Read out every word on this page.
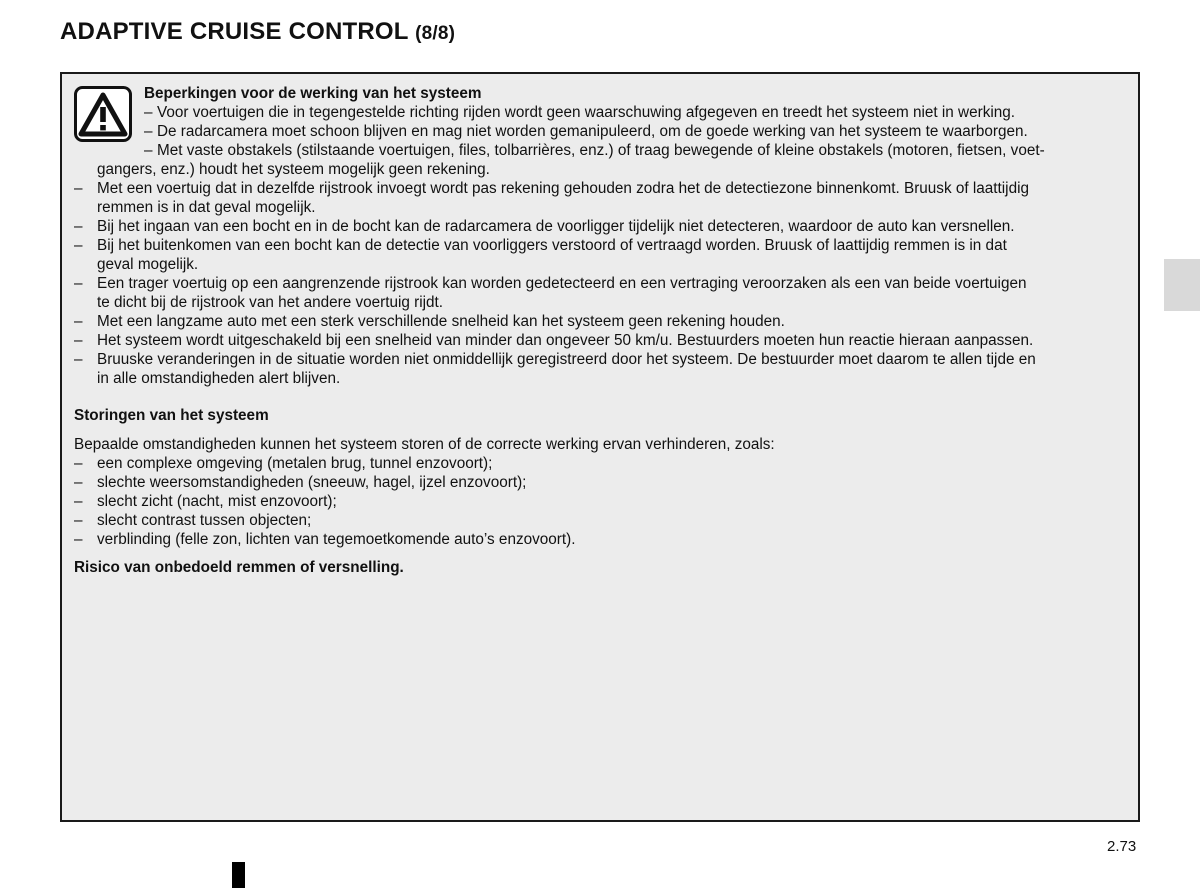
ADAPTIVE CRUISE CONTROL (8/8)
Beperkingen voor de werking van het systeem
– Voor voertuigen die in tegengestelde richting rijden wordt geen waarschuwing afgegeven en treedt het systeem niet in werking.
– De radarcamera moet schoon blijven en mag niet worden gemanipuleerd, om de goede werking van het systeem te waarborgen.
– Met vaste obstakels (stilstaande voertuigen, files, tolbarrières, enz.) of traag bewegende of kleine obstakels (motoren, fietsen, voet-
gangers, enz.) houdt het systeem mogelijk geen rekening.
– Met een voertuig dat in dezelfde rijstrook invoegt wordt pas rekening gehouden zodra het de detectiezone binnenkomt. Bruusk of laattijdig
remmen is in dat geval mogelijk.
– Bij het ingaan van een bocht en in de bocht kan de radarcamera de voorligger tijdelijk niet detecteren, waardoor de auto kan versnellen.
– Bij het buitenkomen van een bocht kan de detectie van voorliggers verstoord of vertraagd worden. Bruusk of laattijdig remmen is in dat
geval mogelijk.
– Een trager voertuig op een aangrenzende rijstrook kan worden gedetecteerd en een vertraging veroorzaken als een van beide voertuigen
te dicht bij de rijstrook van het andere voertuig rijdt.
– Met een langzame auto met een sterk verschillende snelheid kan het systeem geen rekening houden.
– Het systeem wordt uitgeschakeld bij een snelheid van minder dan ongeveer 50 km/u. Bestuurders moeten hun reactie hieraan aanpassen.
– Bruuske veranderingen in de situatie worden niet onmiddellijk geregistreerd door het systeem. De bestuurder moet daarom te allen tijde en
in alle omstandigheden alert blijven.
Storingen van het systeem
Bepaalde omstandigheden kunnen het systeem storen of de correcte werking ervan verhinderen, zoals:
– een complexe omgeving (metalen brug, tunnel enzovoort);
– slechte weersomstandigheden (sneeuw, hagel, ijzel enzovoort);
– slecht zicht (nacht, mist enzovoort);
– slecht contrast tussen objecten;
– verblinding (felle zon, lichten van tegemoetkomende auto’s enzovoort).
Risico van onbedoeld remmen of versnelling.
2.73
